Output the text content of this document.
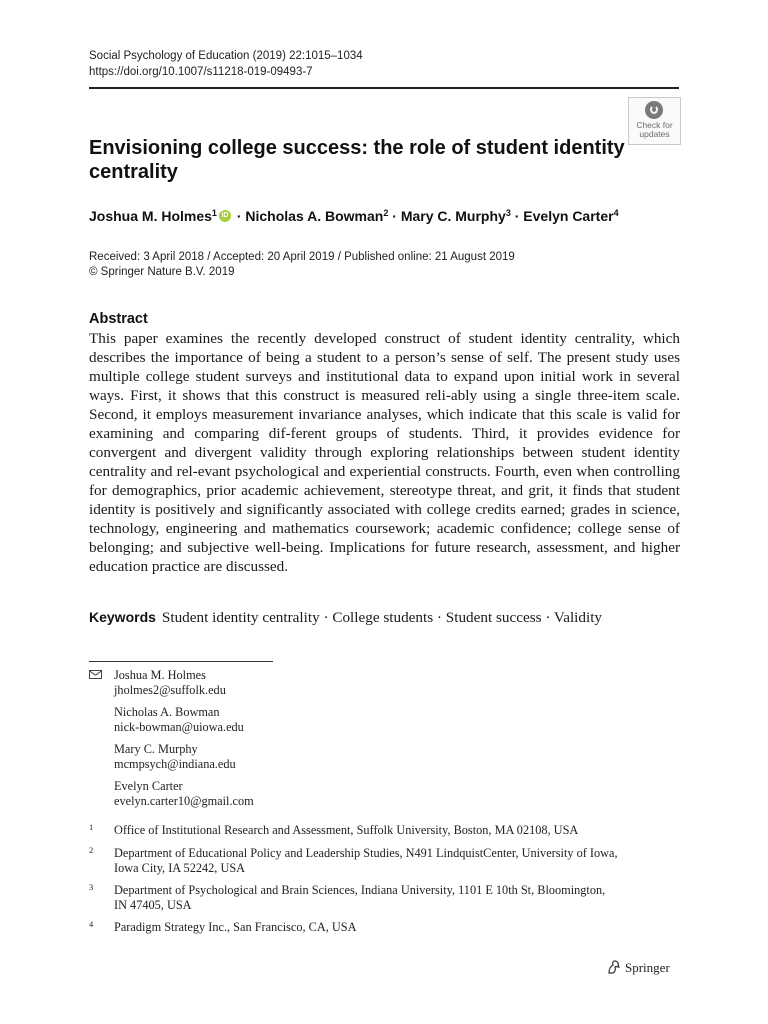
Social Psychology of Education (2019) 22:1015–1034
https://doi.org/10.1007/s11218-019-09493-7
Check for
updates
Envisioning college success: the role of student identity centrality
Joshua M. Holmes$^1$ iD · Nicholas A. Bowman$^2$ · Mary C. Murphy$^3$ · Evelyn Carter$^4$
Received: 3 April 2018 / Accepted: 20 April 2019 / Published online: 21 August 2019
© Springer Nature B.V. 2019
Abstract
This paper examines the recently developed construct of student identity centrality, which describes the importance of being a student to a person’s sense of self. The present study uses multiple college student surveys and institutional data to expand upon initial work in several ways. First, it shows that this construct is measured reli-ably using a single three-item scale. Second, it employs measurement invariance analyses, which indicate that this scale is valid for examining and comparing dif-ferent groups of students. Third, it provides evidence for convergent and divergent validity through exploring relationships between student identity centrality and rel-evant psychological and experiential constructs. Fourth, even when controlling for demographics, prior academic achievement, stereotype threat, and grit, it finds that student identity is positively and significantly associated with college credits earned; grades in science, technology, engineering and mathematics coursework; academic confidence; college sense of belonging; and subjective well-being. Implications for future research, assessment, and higher education practice are discussed.
Keywords Student identity centrality · College students · Student success · Validity
Joshua M. Holmes
jholmes2@suffolk.edu
Nicholas A. Bowman
nick-bowman@uiowa.edu
Mary C. Murphy
mcmpsych@indiana.edu
Evelyn Carter
evelyn.carter10@gmail.com
1 Office of Institutional Research and Assessment, Suffolk University, Boston, MA 02108, USA
2 Department of Educational Policy and Leadership Studies, N491 LindquistCenter, University of Iowa, Iowa City, IA 52242, USA
3 Department of Psychological and Brain Sciences, Indiana University, 1101 E 10th St, Bloomington, IN 47405, USA
4 Paradigm Strategy Inc., San Francisco, CA, USA
Springer
